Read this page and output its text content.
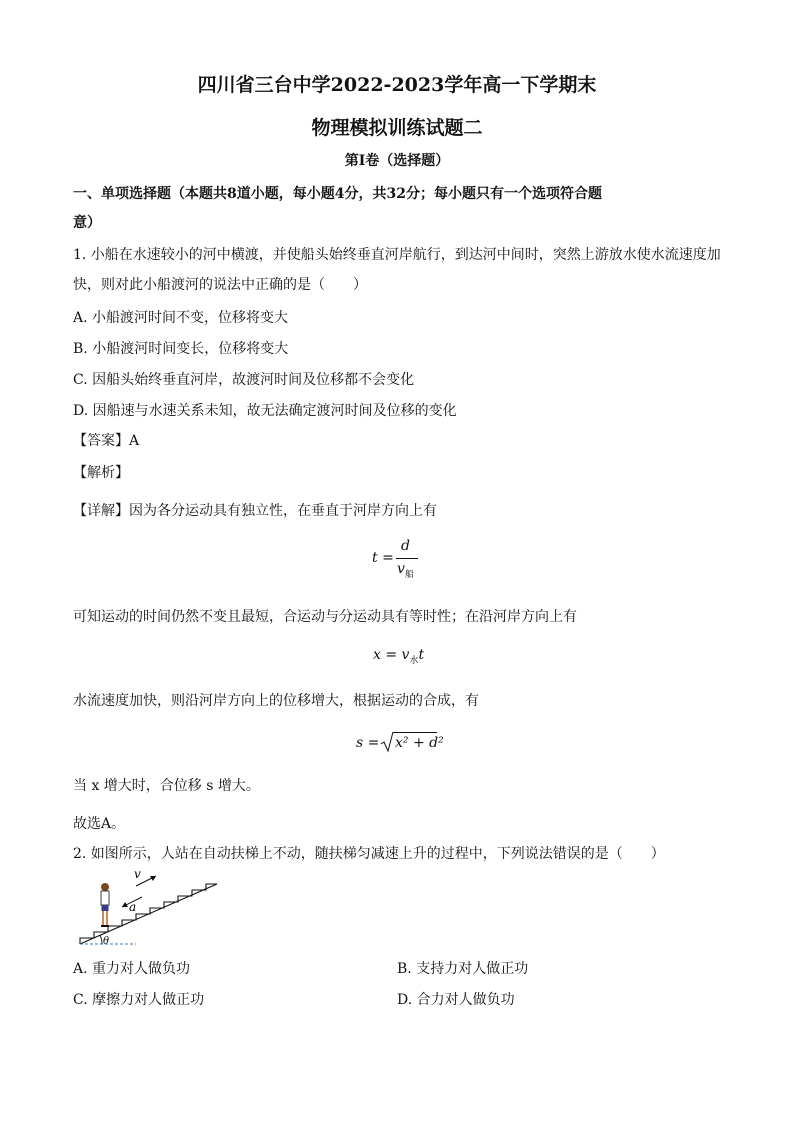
四川省三台中学2022-2023学年高一下学期末
物理模拟训练试题二
第I卷（选择题）
一、单项选择题（本题共8道小题，每小题4分，共32分；每小题只有一个选项符合题
意）
1. 小船在水速较小的河中横渡，并使船头始终垂直河岸航行，到达河中间时，突然上游放水使水流速度加
快，则对此小船渡河的说法中正确的是（　　）
A. 小船渡河时间不变，位移将变大
B. 小船渡河时间变长，位移将变大
C. 因船头始终垂直河岸，故渡河时间及位移都不会变化
D. 因船速与水速关系未知，故无法确定渡河时间及位移的变化
【答案】A
【解析】
【详解】因为各分运动具有独立性，在垂直于河岸方向上有
t =
d
$v_船$
可知运动的时间仍然不变且最短，合运动与分运动具有等时性；在沿河岸方向上有
$x = v_水t$
水流速度加快，则沿河岸方向上的位移增大，根据运动的合成，有
s = x² + d²
当 x 增大时，合位移 s 增大。
故选A。
2. 如图所示，人站在自动扶梯上不动，随扶梯匀减速上升的过程中，下列说法错误的是（　　）
v
a
θ
A. 重力对人做负功	B. 支持力对人做正功
C. 摩擦力对人做正功	D. 合力对人做负功
